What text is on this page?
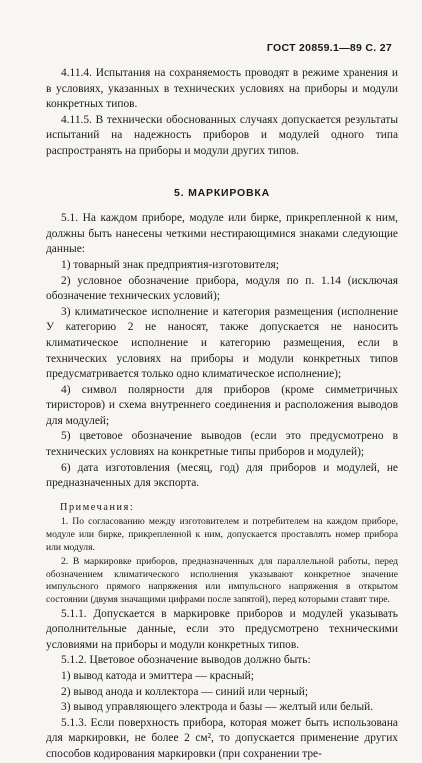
ГОСТ 20859.1—89 С. 27

4.11.4. Испытания на сохраняемость проводят в режиме хранения и в условиях, указанных в технических условиях на приборы и модули конкретных типов.

4.11.5. В технически обоснованных случаях допускается результаты испытаний на надежность приборов и модулей одного типа распространять на приборы и модули других типов.

5. МАРКИРОВКА

5.1. На каждом приборе, модуле или бирке, прикрепленной к ним, должны быть нанесены четкими нестирающимися знаками следующие данные:

1) товарный знак предприятия-изготовителя;

2) условное обозначение прибора, модуля по п. 1.14 (исключая обозначение технических условий);

3) климатическое исполнение и категория размещения (исполнение У категорию 2 не наносят, также допускается не наносить климатическое исполнение и категорию размещения, если в технических условиях на приборы и модули конкретных типов предусматривается только одно климатическое исполнение);

4) символ полярности для приборов (кроме симметричных тиристоров) и схема внутреннего соединения и расположения выводов для модулей;

5) цветовое обозначение выводов (если это предусмотрено в технических условиях на конкретные типы приборов и модулей);

6) дата изготовления (месяц, год) для приборов и модулей, не предназначенных для экспорта.

Примечания:

1. По согласованию между изготовителем и потребителем на каждом приборе, модуле или бирке, прикрепленной к ним, допускается проставлять номер прибора или модуля.

2. В маркировке приборов, предназначенных для параллельной работы, перед обозначением климатического исполнения указывают конкретное значение импульсного прямого напряжения или импульсного напряжения в открытом состоянии (двумя значащими цифрами после запятой), перед которыми ставят тире.

5.1.1. Допускается в маркировке приборов и модулей указывать дополнительные данные, если это предусмотрено техническими условиями на приборы и модули конкретных типов.

5.1.2. Цветовое обозначение выводов должно быть:

1) вывод катода и эмиттера — красный;

2) вывод анода и коллектора — синий или черный;

3) вывод управляющего электрода и базы — желтый или белый.

5.1.3. Если поверхность прибора, которая может быть использована для маркировки, не более 2 см², то допускается применение других способов кодирования маркировки (при сохранении тре-
